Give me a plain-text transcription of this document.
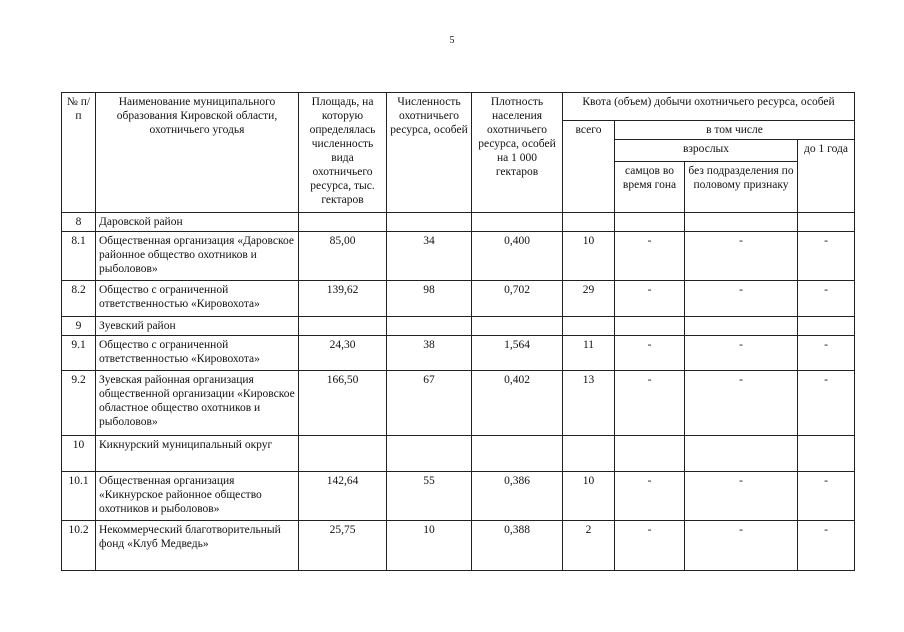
5
№ п/п	Наименование муниципального образования Кировской области, охотничьего угодья	Площадь, на которую определялась численность вида охотничьего ресурса, тыс. гектаров	Численность охотничьего ресурса, особей	Плотность населения охотничьего ресурса, особей на 1 000 гектаров	Квота (объем) добычи охотничьего ресурса, особей			
					всего	в том числе		
						взрослых		до 1 года
						самцов во время гона	без подразделения по половому признаку	
8	Даровской район							
8.1	Общественная организация «Даровское районное общество охотников и рыболовов»	85,00	34	0,400	10	-	-	-
8.2	Общество с ограниченной ответственностью «Кировохота»	139,62	98	0,702	29	-	-	-
9	Зуевский район							
9.1	Общество с ограниченной ответственностью «Кировохота»	24,30	38	1,564	11	-	-	-
9.2	Зуевская районная организация общественной организации «Кировское областное общество охотников и рыболовов»	166,50	67	0,402	13	-	-	-
10	Кикнурский муниципальный округ							
10.1	Общественная организация «Кикнурское районное общество охотников и рыболовов»	142,64	55	0,386	10	-	-	-
10.2	Некоммерческий благотворительный фонд «Клуб Медведь»	25,75	10	0,388	2	-	-	-
